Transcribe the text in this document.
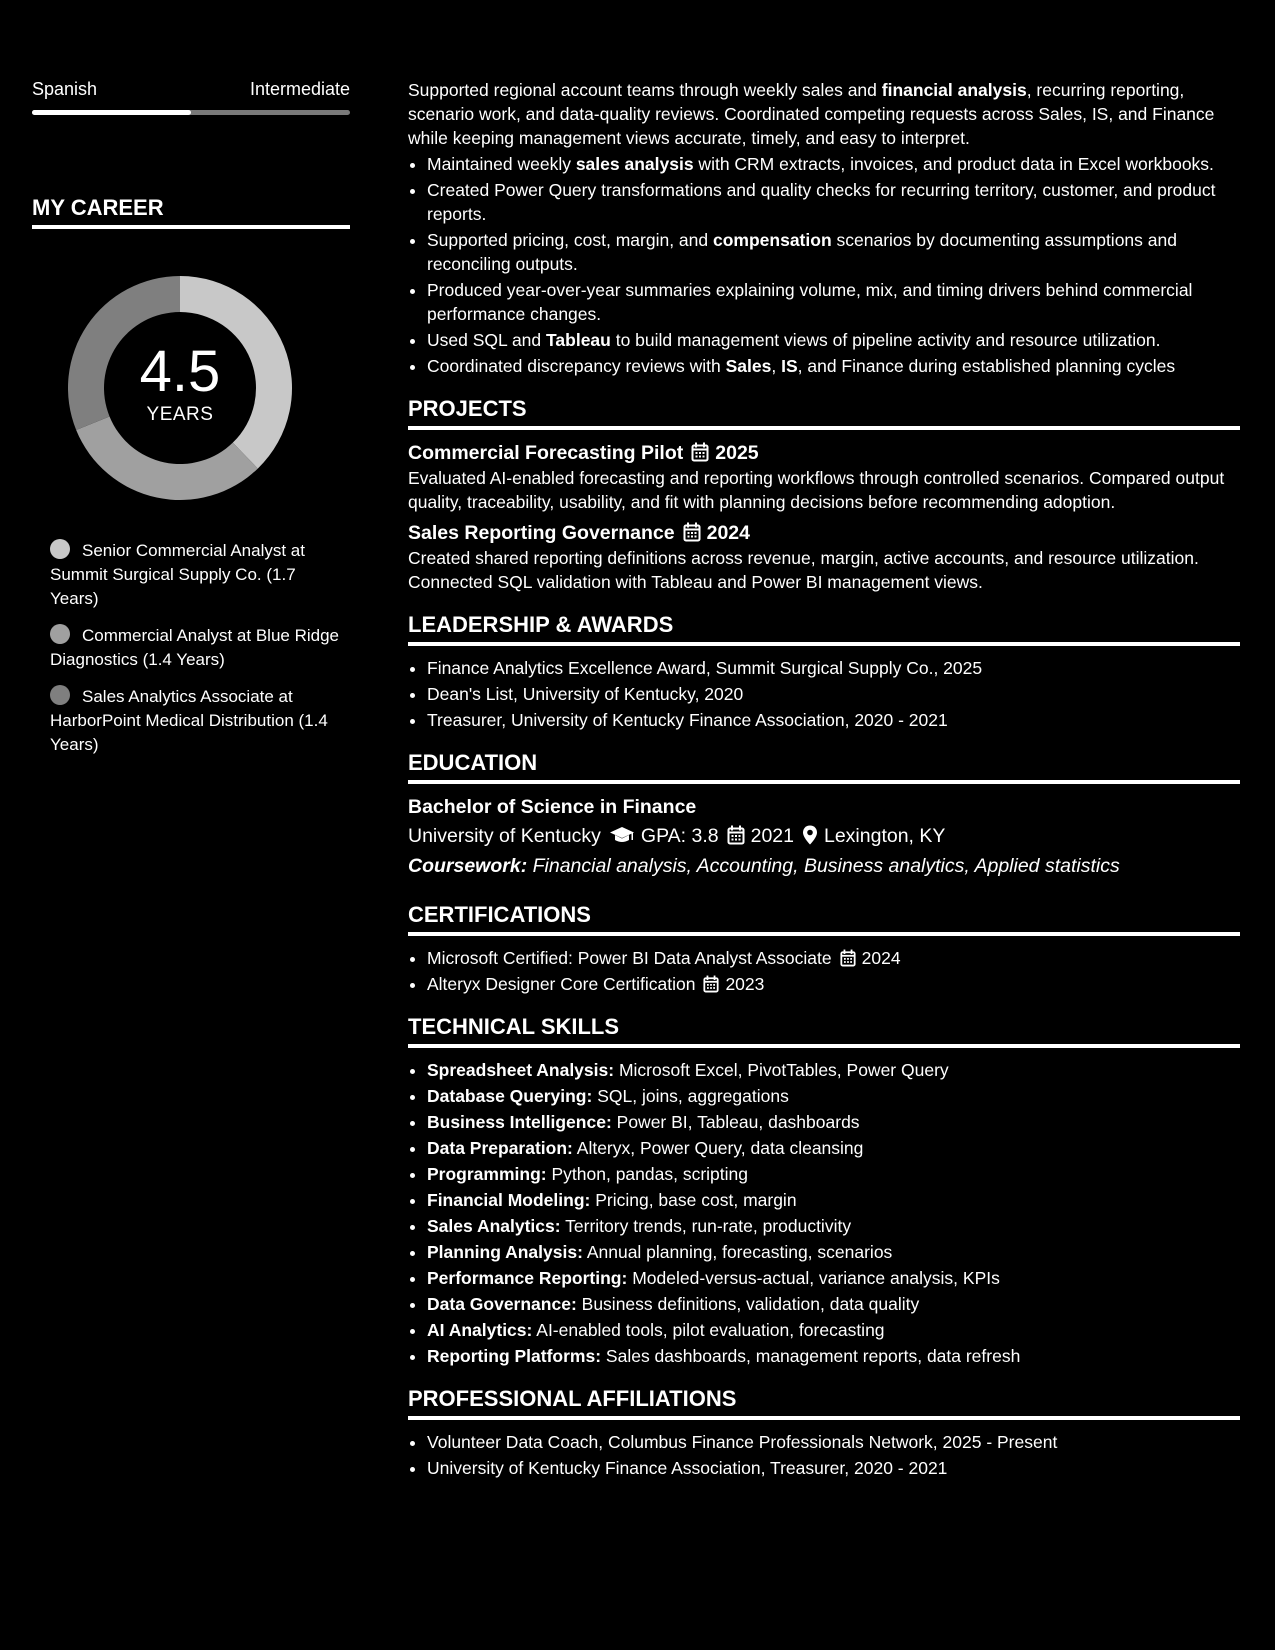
Spanish	Intermediate
MY CAREER
4.5
YEARS
Senior Commercial Analyst at Summit Surgical Supply Co. (1.7 Years)
Commercial Analyst at Blue Ridge Diagnostics (1.4 Years)
Sales Analytics Associate at HarborPoint Medical Distribution (1.4 Years)

Supported regional account teams through weekly sales and financial analysis, recurring reporting, scenario work, and data-quality reviews. Coordinated competing requests across Sales, IS, and Finance while keeping management views accurate, timely, and easy to interpret.

• Maintained weekly sales analysis with CRM extracts, invoices, and product data in Excel workbooks.
• Created Power Query transformations and quality checks for recurring territory, customer, and product reports.
• Supported pricing, cost, margin, and compensation scenarios by documenting assumptions and reconciling outputs.
• Produced year-over-year summaries explaining volume, mix, and timing drivers behind commercial performance changes.
• Used SQL and Tableau to build management views of pipeline activity and resource utilization.
• Coordinated discrepancy reviews with Sales, IS, and Finance during established planning cycles
PROJECTS
Commercial Forecasting Pilot 2025

Evaluated AI-enabled forecasting and reporting workflows through controlled scenarios. Compared output quality, traceability, usability, and fit with planning decisions before recommending adoption.

Sales Reporting Governance 2024

Created shared reporting definitions across revenue, margin, active accounts, and resource utilization. Connected SQL validation with Tableau and Power BI management views.

LEADERSHIP & AWARDS
• Finance Analytics Excellence Award, Summit Surgical Supply Co., 2025
• Dean's List, University of Kentucky, 2020
• Treasurer, University of Kentucky Finance Association, 2020 - 2021
EDUCATION
Bachelor of Science in Finance
University of Kentucky GPA: 3.8 2021 Lexington, KY
Coursework: Financial analysis, Accounting, Business analytics, Applied statistics
CERTIFICATIONS
• Microsoft Certified: Power BI Data Analyst Associate 2024
• Alteryx Designer Core Certification 2023
TECHNICAL SKILLS
• Spreadsheet Analysis: Microsoft Excel, PivotTables, Power Query
• Database Querying: SQL, joins, aggregations
• Business Intelligence: Power BI, Tableau, dashboards
• Data Preparation: Alteryx, Power Query, data cleansing
• Programming: Python, pandas, scripting
• Financial Modeling: Pricing, base cost, margin
• Sales Analytics: Territory trends, run-rate, productivity
• Planning Analysis: Annual planning, forecasting, scenarios
• Performance Reporting: Modeled-versus-actual, variance analysis, KPIs
• Data Governance: Business definitions, validation, data quality
• AI Analytics: AI-enabled tools, pilot evaluation, forecasting
• Reporting Platforms: Sales dashboards, management reports, data refresh
PROFESSIONAL AFFILIATIONS
• Volunteer Data Coach, Columbus Finance Professionals Network, 2025 - Present
• University of Kentucky Finance Association, Treasurer, 2020 - 2021
